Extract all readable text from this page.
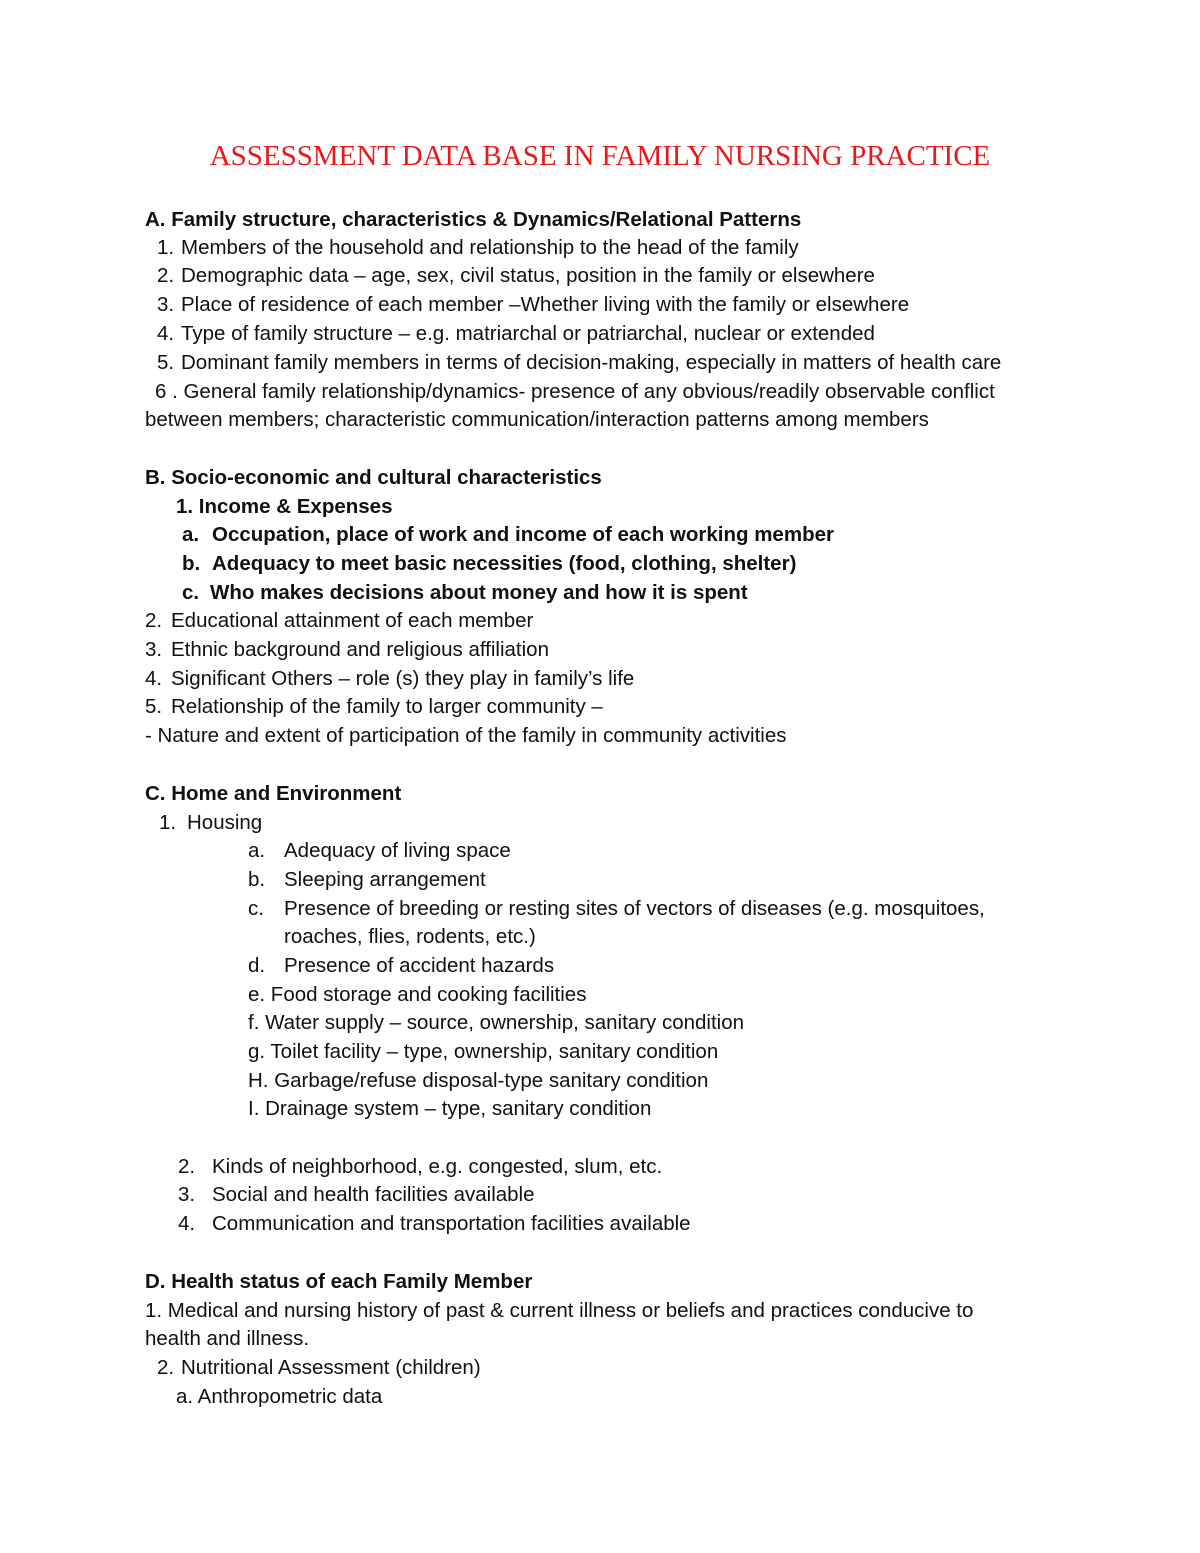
ASSESSMENT DATA BASE IN FAMILY NURSING PRACTICE
A. Family structure, characteristics & Dynamics/Relational Patterns
1. Members of the household and relationship to the head of the family
2. Demographic data – age, sex, civil status, position in the family or elsewhere
3. Place of residence of each member –Whether living with the family or elsewhere
4. Type of family structure – e.g. matriarchal or patriarchal, nuclear or extended
5. Dominant family members in terms of decision-making, especially in matters of health care
6 . General family relationship/dynamics- presence of any obvious/readily observable conflict
between members; characteristic communication/interaction patterns among members
B. Socio-economic and cultural characteristics
1. Income & Expenses
a. Occupation, place of work and income of each working member
b. Adequacy to meet basic necessities (food, clothing, shelter)
c. Who makes decisions about money and how it is spent
2. Educational attainment of each member
3. Ethnic background and religious affiliation
4. Significant Others – role (s) they play in family’s life
5. Relationship of the family to larger community –
- Nature and extent of participation of the family in community activities
C. Home and Environment
1. Housing
a. Adequacy of living space
b. Sleeping arrangement
c. Presence of breeding or resting sites of vectors of diseases (e.g. mosquitoes,
roaches, flies, rodents, etc.)
d. Presence of accident hazards
e. Food storage and cooking facilities
f. Water supply – source, ownership, sanitary condition
g. Toilet facility – type, ownership, sanitary condition
H. Garbage/refuse disposal-type sanitary condition
I. Drainage system – type, sanitary condition
2. Kinds of neighborhood, e.g. congested, slum, etc.
3. Social and health facilities available
4. Communication and transportation facilities available
D. Health status of each Family Member
1. Medical and nursing history of past & current illness or beliefs and practices conducive to
health and illness.
2. Nutritional Assessment (children)
a. Anthropometric data
